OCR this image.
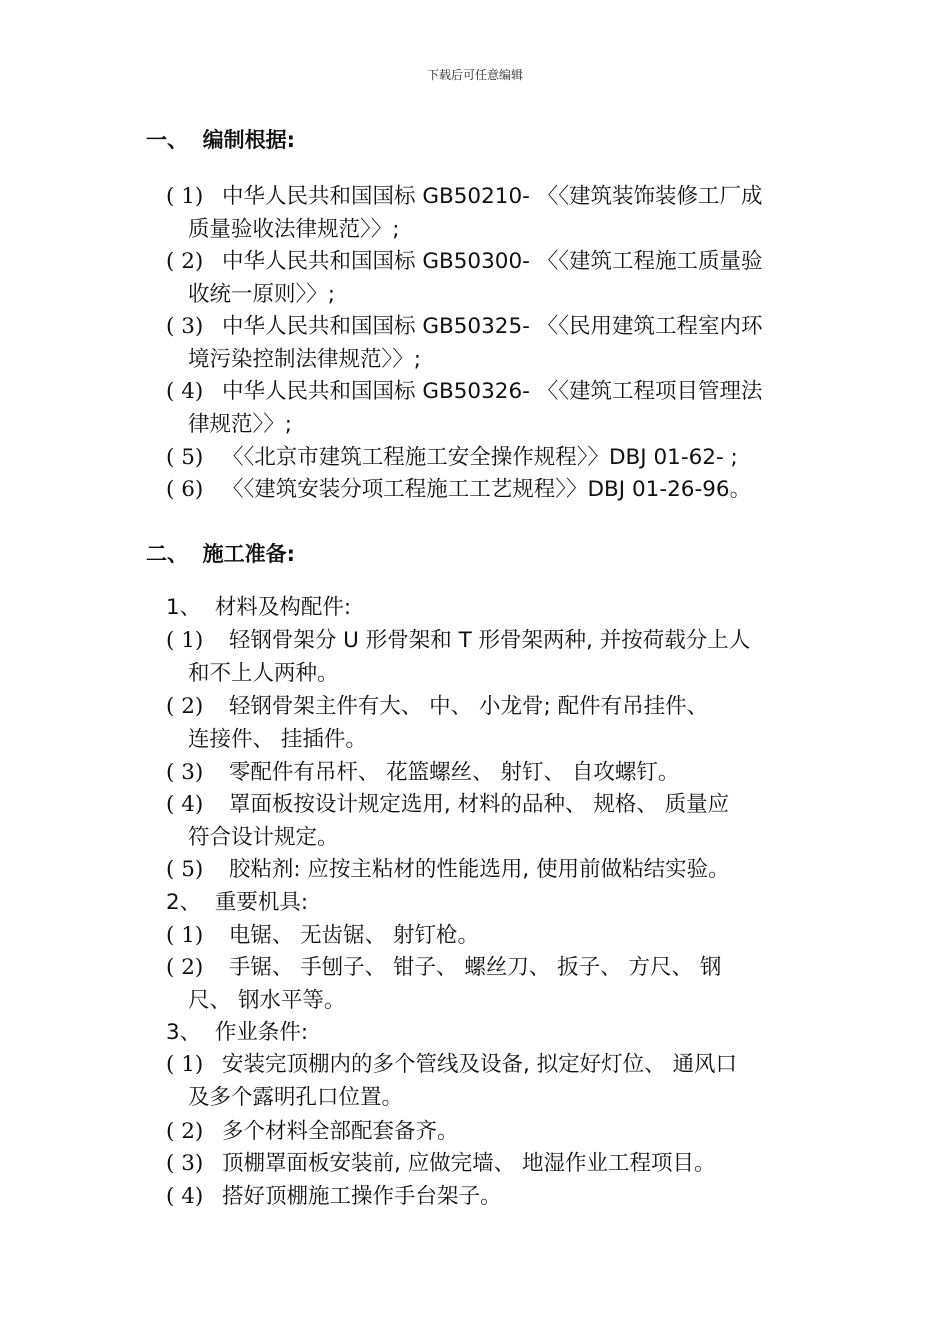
下载后可任意编辑
一、  编制根据:
( 1) 中华人民共和国国标 GB50210- 〈〈建筑装饰装修工厂成
质量验收法律规范〉〉;
( 2) 中华人民共和国国标 GB50300- 〈〈建筑工程施工质量验
收统一原则〉〉;
( 3) 中华人民共和国国标 GB50325- 〈〈民用建筑工程室内环
境污染控制法律规范〉〉;
( 4) 中华人民共和国国标 GB50326- 〈〈建筑工程项目管理法
律规范〉〉;
( 5) 〈〈北京市建筑工程施工安全操作规程〉〉DBJ 01-62- ;
( 6) 〈〈建筑安装分项工程施工工艺规程〉〉DBJ 01-26-96。
二、  施工准备:
1、  材料及构配件:
( 1) 轻钢骨架分 U 形骨架和 T 形骨架两种, 并按荷载分上人
和不上人两种。
( 2) 轻钢骨架主件有大、 中、 小龙骨; 配件有吊挂件、
连接件、 挂插件。
( 3) 零配件有吊杆、 花篮螺丝、 射钉、 自攻螺钉。
( 4) 罩面板按设计规定选用, 材料的品种、 规格、 质量应
符合设计规定。
( 5) 胶粘剂: 应按主粘材的性能选用, 使用前做粘结实验。
2、  重要机具:
( 1) 电锯、 无齿锯、 射钉枪。
( 2) 手锯、 手刨子、 钳子、 螺丝刀、 扳子、 方尺、 钢
尺、 钢水平等。
3、  作业条件:
( 1) 安装完顶棚内的多个管线及设备, 拟定好灯位、 通风口
及多个露明孔口位置。
( 2) 多个材料全部配套备齐。
( 3) 顶棚罩面板安装前, 应做完墙、 地湿作业工程项目。
( 4) 搭好顶棚施工操作手台架子。
